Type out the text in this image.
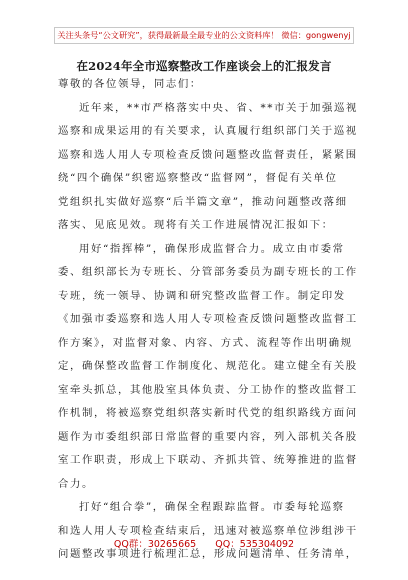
关注头条号“公文研究”，获得最新最全最专业的公文资料库！ 微信：gongwenyj
在2024年全市巡察整改工作座谈会上的汇报发言
尊敬的各位领导，同志们：
近年来，**市严格落实中央、省、**市关于加强巡视
巡察和成果运用的有关要求，认真履行组织部门关于巡视
巡察和选人用人专项检查反馈问题整改监督责任，紧紧围
绕“四个确保”织密巡察整改“监督网”，督促有关单位
党组织扎实做好巡察“后半篇文章”，推动问题整改落细
落实、见底见效。现将有关工作进展情况汇报如下：
用好“指挥棒”，确保形成监督合力。成立由市委常
委、组织部长为专班长、分管部务委员为副专班长的工作
专班，统一领导、协调和研究整改监督工作。制定印发
《加强市委巡察和选人用人专项检查反馈问题整改监督工
作方案》，对监督对象、内容、方式、流程等作出明确规
定，确保整改监督工作制度化、规范化。建立健全有关股
室牵头抓总，其他股室具体负责、分工协作的整改监督工
作机制，将被巡察党组织落实新时代党的组织路线方面问
题作为市委组织部日常监督的重要内容，列入部机关各股
室工作职责，形成上下联动、齐抓共管、统筹推进的监督
合力。
打好“组合拳”，确保全程跟踪监督。市委每轮巡察
和选人用人专项检查结束后，迅速对被巡察单位涉组涉干
问题整改事项进行梳理汇总，形成问题清单、任务清单，
QQ群：30265665 QQ：535304092
